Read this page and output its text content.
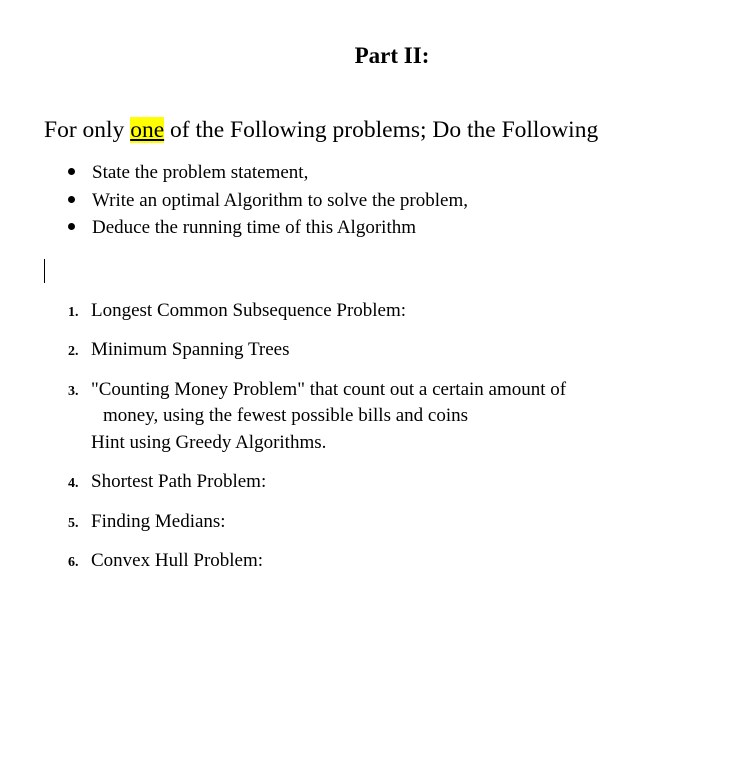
Part II:
For only one of the Following problems; Do the Following
State the problem statement,
Write an optimal Algorithm to solve the problem,
Deduce the running time of this Algorithm
1. Longest Common Subsequence Problem:
2. Minimum Spanning Trees
3. "Counting Money Problem" that count out a certain amount of
money, using the fewest possible bills and coins
Hint using Greedy Algorithms.
4. Shortest Path Problem:
5. Finding Medians:
6. Convex Hull Problem:
